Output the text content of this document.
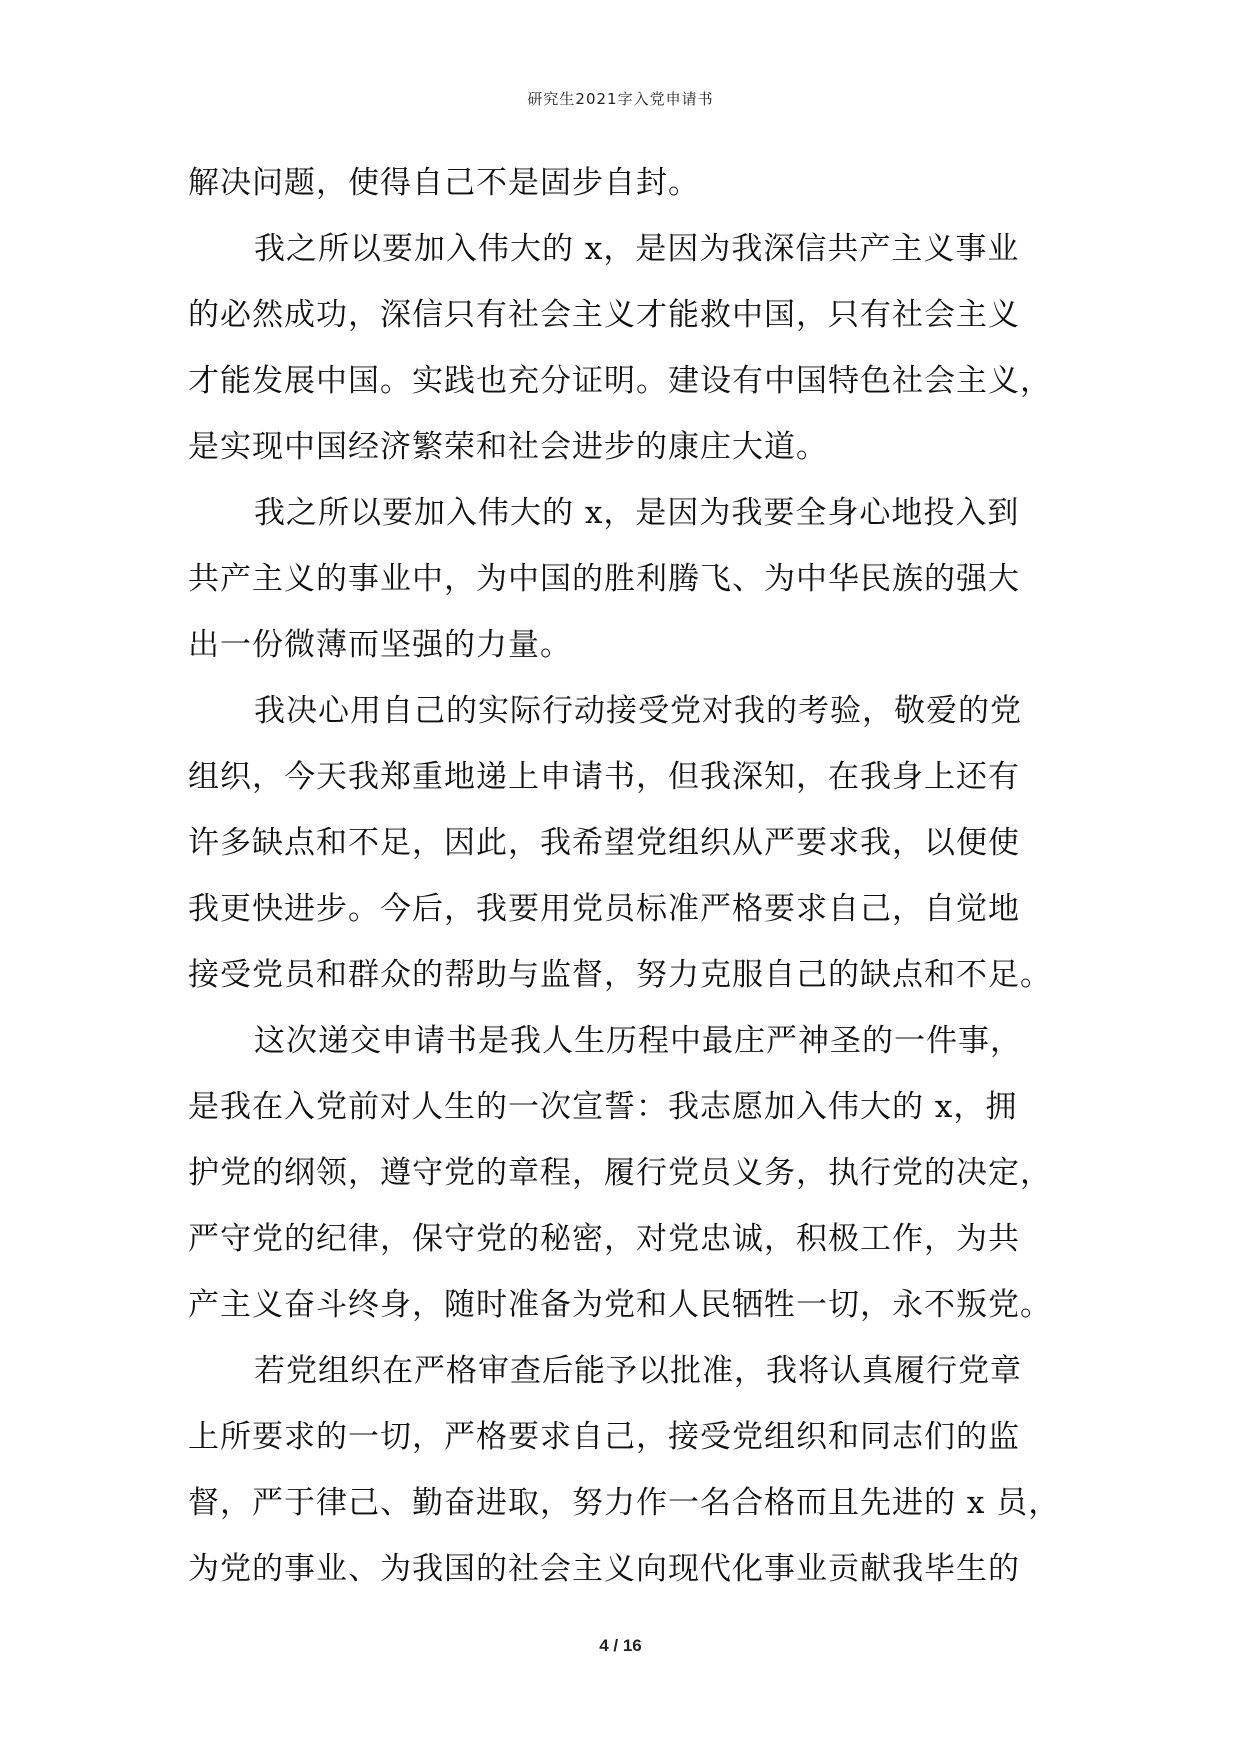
研究生2021字入党申请书
解决问题，使得自己不是固步自封。
我之所以要加入伟大的 x，是因为我深信共产主义事业
的必然成功，深信只有社会主义才能救中国，只有社会主义
才能发展中国。实践也充分证明。建设有中国特色社会主义，
是实现中国经济繁荣和社会进步的康庄大道。
我之所以要加入伟大的 x，是因为我要全身心地投入到
共产主义的事业中，为中国的胜利腾飞、为中华民族的强大
出一份微薄而坚强的力量。
我决心用自己的实际行动接受党对我的考验，敬爱的党
组织，今天我郑重地递上申请书，但我深知，在我身上还有
许多缺点和不足，因此，我希望党组织从严要求我，以便使
我更快进步。今后，我要用党员标准严格要求自己，自觉地
接受党员和群众的帮助与监督，努力克服自己的缺点和不足。
这次递交申请书是我人生历程中最庄严神圣的一件事，
是我在入党前对人生的一次宣誓：我志愿加入伟大的 x，拥
护党的纲领，遵守党的章程，履行党员义务，执行党的决定，
严守党的纪律，保守党的秘密，对党忠诚，积极工作，为共
产主义奋斗终身，随时准备为党和人民牺牲一切，永不叛党。
若党组织在严格审查后能予以批准，我将认真履行党章
上所要求的一切，严格要求自己，接受党组织和同志们的监
督，严于律己、勤奋进取，努力作一名合格而且先进的 x 员，
为党的事业、为我国的社会主义向现代化事业贡献我毕生的
4 / 16
